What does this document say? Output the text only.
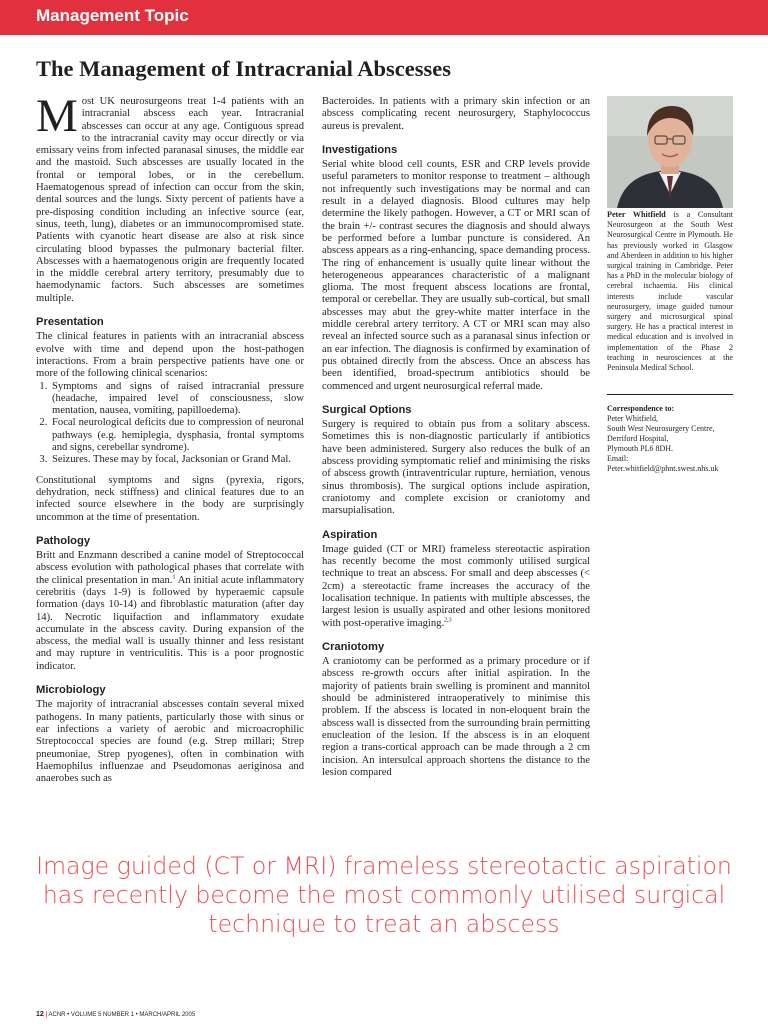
Management Topic
The Management of Intracranial Abscesses

Most UK neurosurgeons treat 1-4 patients with an intracranial abscess each year. Intracranial abscesses can occur at any age. Contiguous spread to the intracranial cavity may occur directly or via emissary veins from infected paranasal sinuses, the middle ear and the mastoid. Such abscesses are usually located in the frontal or temporal lobes, or in the cerebellum. Haematogenous spread of infection can occur from the skin, dental sources and the lungs. Sixty percent of patients have a pre-disposing condition including an infective source (ear, sinus, teeth, lung), diabetes or an immunocompromised state. Patients with cyanotic heart disease are also at risk since circulating blood bypasses the pulmonary bacterial filter. Abscesses with a haematogenous origin are frequently located in the middle cerebral artery territory, presumably due to haemodynamic factors. Such abscesses are sometimes multiple.

Presentation

The clinical features in patients with an intracranial abscess evolve with time and depend upon the host-pathogen interactions. From a brain perspective patients have one or more of the following clinical scenarios:

1. Symptoms and signs of raised intracranial pressure (headache, impaired level of consciousness, slow mentation, nausea, vomiting, papilloedema).
2. Focal neurological deficits due to compression of neuronal pathways (e.g. hemiplegia, dysphasia, frontal symptoms and signs, cerebellar syndrome).
3. Seizures. These may by focal, Jacksonian or Grand Mal.

Constitutional symptoms and signs (pyrexia, rigors, dehydration, neck stiffness) and clinical features due to an infected source elsewhere in the body are surprisingly uncommon at the time of presentation.

Pathology

Britt and Enzmann described a canine model of Streptococcal abscess evolution with pathological phases that correlate with the clinical presentation in man.$^1$ An initial acute inflammatory cerebritis (days 1-9) is followed by hyperaemic capsule formation (days 10-14) and fibroblastic maturation (after day 14). Necrotic liquifaction and inflammatory exudate accumulate in the abscess cavity. During expansion of the abscess, the medial wall is usually thinner and less resistant and may rupture in ventriculitis. This is a poor prognostic indicator.

Microbiology

The majority of intracranial abscesses contain several mixed pathogens. In many patients, particularly those with sinus or ear infections a variety of aerobic and microacrophilic Streptococcal species are found (e.g. Strep millari; Strep pneumoniae, Strep pyogenes), often in combination with Haemophilus influenzae and Pseudomonas aeriginosa and anaerobes such as

Bacteroides. In patients with a primary skin infection or an abscess complicating recent neurosurgery, Staphylococcus aureus is prevalent.

Investigations

Serial white blood cell counts, ESR and CRP levels provide useful parameters to monitor response to treatment – although not infrequently such investigations may be normal and can result in a delayed diagnosis. Blood cultures may help determine the likely pathogen. However, a CT or MRI scan of the brain +/- contrast secures the diagnosis and should always be performed before a lumbar puncture is considered. An abscess appears as a ring-enhancing, space demanding process. The ring of enhancement is usually quite linear without the heterogeneous appearances characteristic of a malignant glioma. The most frequent abscess locations are frontal, temporal or cerebellar. They are usually sub-cortical, but small abscesses may abut the grey-white matter interface in the middle cerebral artery territory. A CT or MRI scan may also reveal an infected source such as a paranasal sinus infection or an ear infection. The diagnosis is confirmed by examination of pus obtained directly from the abscess. Once an abscess has been identified, broad-spectrum antibiotics should be commenced and urgent neurosurgical referral made.

Surgical Options

Surgery is required to obtain pus from a solitary abscess. Sometimes this is non-diagnostic particularly if antibiotics have been administered. Surgery also reduces the bulk of an abscess providing symptomatic relief and minimising the risks of abscess growth (intraventricular rupture, herniation, venous sinus thrombosis). The surgical options include aspiration, craniotomy and complete excision or craniotomy and marsupialisation.

Aspiration

Image guided (CT or MRI) frameless stereotactic aspiration has recently become the most commonly utilised surgical technique to treat an abscess. For small and deep abscesses (< 2cm) a stereotactic frame increases the accuracy of the localisation technique. In patients with multiple abscesses, the largest lesion is usually aspirated and other lesions monitored with post-operative imaging.$^{2,3}$

Craniotomy

A craniotomy can be performed as a primary procedure or if abscess re-growth occurs after initial aspiration. In the majority of patients brain swelling is prominent and mannitol should be administered intraoperatively to minimise this problem. If the abscess is located in non-eloquent brain the abscess wall is dissected from the surrounding brain permitting enucleation of the lesion. If the abscess is in an eloquent region a trans-cortical approach can be made through a 2 cm incision. An intersulcal approach shortens the distance to the lesion compared

Peter Whitfield is a Consultant Neurosurgeon at the South West Neurosurgical Centre in Plymouth. He has previously worked in Glasgow and Aberdeen in addition to his higher surgical training in Cambridge. Peter has a PhD in the molecular biology of cerebral ischaemia. His clinical interests include vascular neurosurgery, image guided tumour surgery and microsurgical spinal surgery. He has a practical interest in medical education and is involved in implementation of the Phase 2 teaching in neurosciences at the Peninsula Medical School.
Correspondence to:
Peter Whitfield,
South West Neurosurgery Centre,
Derriford Hospital,
Plymouth PL6 8DH.
Email:
Peter.whitfield@phnt.swest.nhs.uk
Image guided (CT or MRI) frameless stereotactic aspiration
has recently become the most commonly utilised surgical
technique to treat an abscess
12 | ACNR • VOLUME 5 NUMBER 1 • MARCH/APRIL 2005
